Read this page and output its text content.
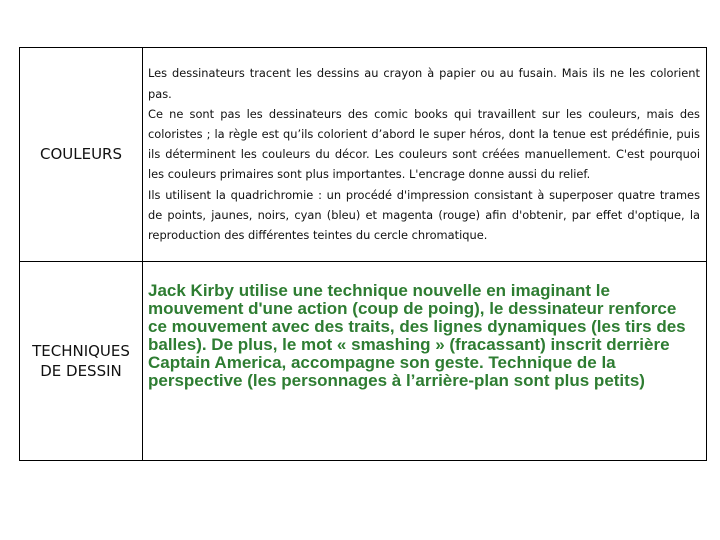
COULEURS	Les dessinateurs tracent les dessins au crayon à papier ou au fusain. Mais ils ne les colorient pas.

Ce ne sont pas les dessinateurs des comic books qui travaillent sur les couleurs, mais des coloristes ; la règle est qu’ils colorient d’abord le super héros, dont la tenue est prédéfinie, puis ils déterminent les couleurs du décor. Les couleurs sont créées manuellement. C'est pourquoi les couleurs primaires sont plus importantes. L'encrage donne aussi du relief.

Ils utilisent la quadrichromie : un procédé d'impression consistant à superposer quatre trames de points, jaunes, noirs, cyan (bleu) et magenta (rouge) afin d'obtenir, par effet d'optique, la reproduction des différentes teintes du cercle chromatique.

TECHNIQUES DE DESSIN	Jack Kirby utilise une technique nouvelle en imaginant le mouvement d'une action (coup de poing), le dessinateur renforce ce mouvement avec des traits, des lignes dynamiques (les tirs des balles). De plus, le mot « smashing » (fracassant) inscrit derrière Captain America, accompagne son geste. Technique de la perspective (les personnages à l’arrière-plan sont plus petits)
